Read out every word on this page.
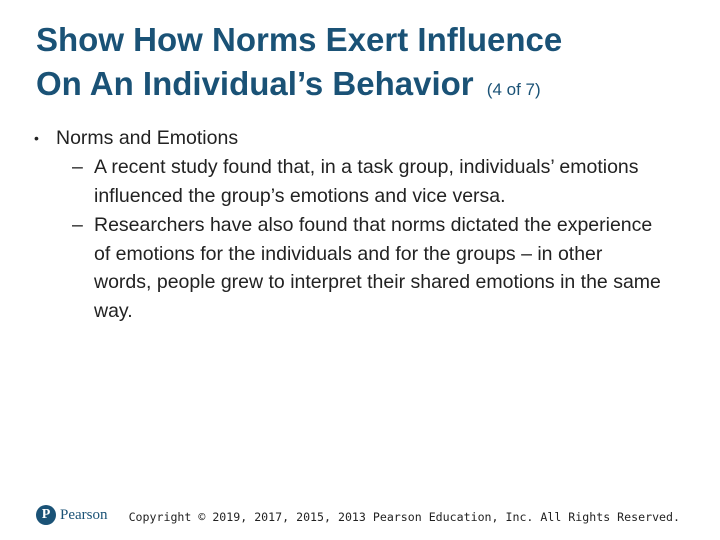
Show How Norms Exert Influence
On An Individual’s Behavior (4 of 7)
• Norms and Emotions
– A recent study found that, in a task group, individuals’ emotions influenced the group’s emotions and vice versa.
– Researchers have also found that norms dictated the experience of emotions for the individuals and for the groups – in other words, people grew to interpret their shared emotions in the same way.
P Pearson Copyright © 2019, 2017, 2015, 2013 Pearson Education, Inc. All Rights Reserved.
